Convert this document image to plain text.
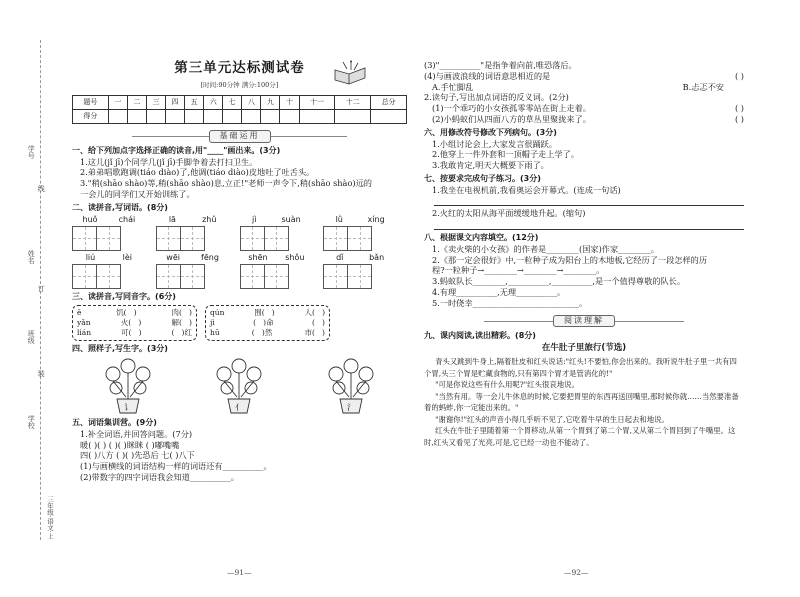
学号
线
姓名
订
班级
装
学校
三年级·语文·上
第三单元达标测试卷
[时间:90分钟 满分:100分]
题号	一	二	三	四	五	六	七	八	九	十	十一	十二	总分
得分													
基础运用
一、给下列加点字选择正确的读音,用"____"画出来。(3分)
1.这儿(jǐ jī)个同学几(jǐ jī)手脚争着去打扫卫生。
2.弟弟唱歌跑调(tiáo diào)了,他调(tiáo diào)皮地吐了吐舌头。
3."稍(shāo shào)等,稍(shāo shào)息,立正!"老师一声令下,稍(shāo shào)远的
一会儿的同学们又开始训练了。
二、读拼音,写词语。(8分)
huǒ	chái	lā	zhǔ	jì	suàn	lǜ	xíng
liú	lèi	wēi	fēng	shēn shǒu	dǐ	bǎn
三、读拼音,写同音字。(6分)
ě	饥( )	肉( )
yǎn	火( )	解( )
lián	可( )	( )红
qún	围( )	人( )
jì	( )命	( )
hū	( )然	市( )
四、照样子,写生字。(3分)
讠	亻	氵
五、词语集训营。(9分)
1.补全词语,并回答问题。(7分)
暖( )( ) ( )( )眯眯 ( )嘟嘴嘴
四( )八方 ( )( )先恐后 七( )八下
(1)与画横线的词语结构一样的词语还有__________。
(2)带数字的四字词语我会知道__________。
—91—
(3)"__________"是指争着向前,唯恐落后。
(4)与画波浪线的词语意思相近的是	( )
A.手忙脚乱	B.忐忑不安
2.读句子,写出加点词语的反义词。(2分)
(1)一个乖巧的小女孩孤零零站在街上走着。	( )
(2)小蚂蚁们从四面八方的草丛里聚拢来了。	( )
六、用修改符号修改下列病句。(3分)
1.小组讨论会上,大家发言很踊跃。
2.他穿上一件外套和一顶帽子走上学了。
3.我敢肯定,明天大概要下雨了。
七、按要求完成句子练习。(3分)
1.我坐在电视机前,我看奥运会开幕式。(连成一句话)
2.火红的太阳从海平面缓缓地升起。(缩句)
八、根据课文内容填空。(12分)
1.《卖火柴的小女孩》的作者是________(国家)作家________。
2.《那一定会很好》中,一粒种子成为阳台上的木地板,它经历了一段怎样的历
程?一粒种子→________→________→________。
3.蚂蚁队长________,__________,__________,是一个值得尊敬的队长。
4.有理__________,无理__________。
5.一时侥幸__________________________。
阅读理解
九、课内阅读,读出精彩。(8分)
在牛肚子里旅行(节选)
青头又跳到牛身上,隔着肚皮和红头说话:"红头!不要怕,你会出来的。我听说牛肚子里一共有四个胃,头三个胃是贮藏食物的,只有第四个胃才是管消化的!"
"可是你说这些有什么用呢?"红头很哀地说。
"当然有用。等一会儿牛休息的时候,它要把胃里的东西再送回嘴里,那时候你就……当然要准备着的蚂蚱,你一定能出来的。"
"谢谢你!"红头的声音小得几乎听不见了,它吃着牛早的生日起去和地说。
红头在牛肚子里随着第一个胃移动,从第一个胃到了第二个胃,又从第二个胃回到了牛嘴里。这时,红头又看见了光亮,可是,它已经一动也不能动了。
—92—
